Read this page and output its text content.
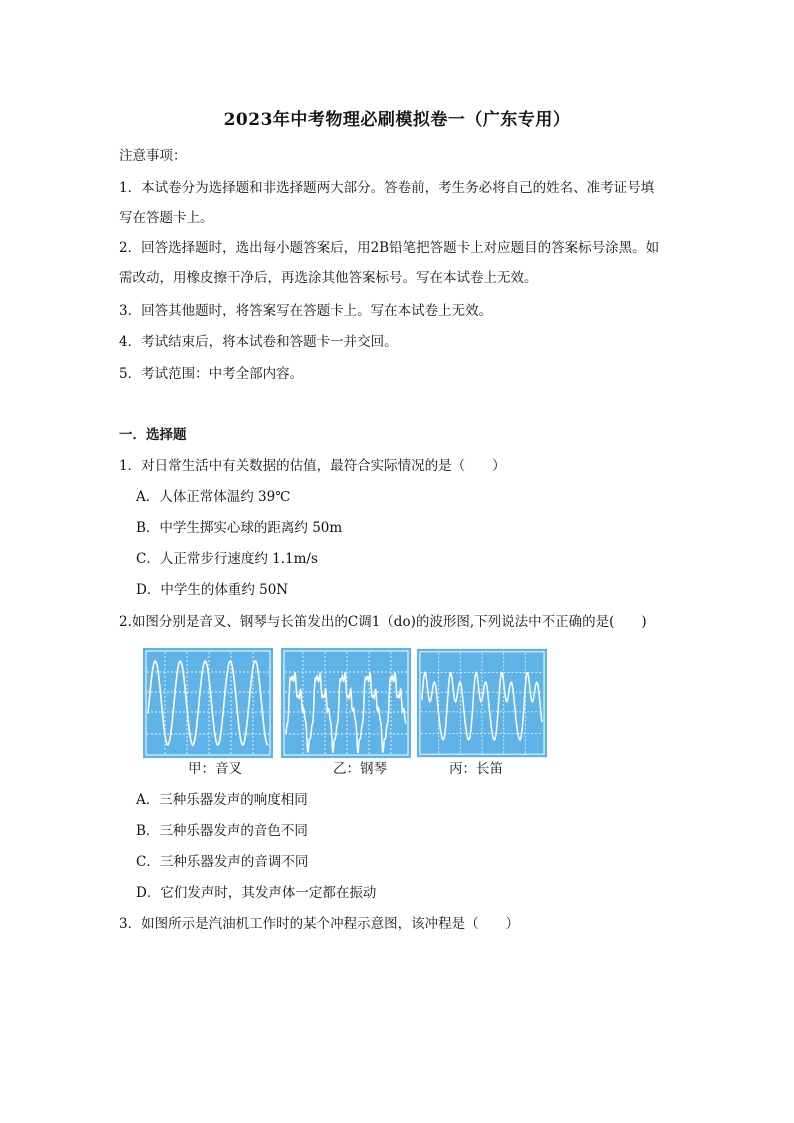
2023年中考物理必刷模拟卷一（广东专用）
注意事项：
1．本试卷分为选择题和非选择题两大部分。答卷前，考生务必将自己的姓名、准考证号填
写在答题卡上。
2．回答选择题时，选出每小题答案后，用2B铅笔把答题卡上对应题目的答案标号涂黑。如
需改动，用橡皮擦干净后，再选涂其他答案标号。写在本试卷上无效。
3．回答其他题时，将答案写在答题卡上。写在本试卷上无效。
4．考试结束后，将本试卷和答题卡一并交回。
5．考试范围：中考全部内容。
一．选择题
1．对日常生活中有关数据的估值，最符合实际情况的是（　　）
A．人体正常体温约 39℃
B．中学生掷实心球的距离约 50m
C．人正常步行速度约 1.1m/s
D．中学生的体重约 50N
2.如图分别是音叉、钢琴与长笛发出的C调1（do)的波形图,下列说法中不正确的是(　　)
甲：音叉	乙：钢琴	丙：长笛
A．三种乐器发声的响度相同
B．三种乐器发声的音色不同
C．三种乐器发声的音调不同
D．它们发声时，其发声体一定都在振动
3．如图所示是汽油机工作时的某个冲程示意图，该冲程是（　　）
